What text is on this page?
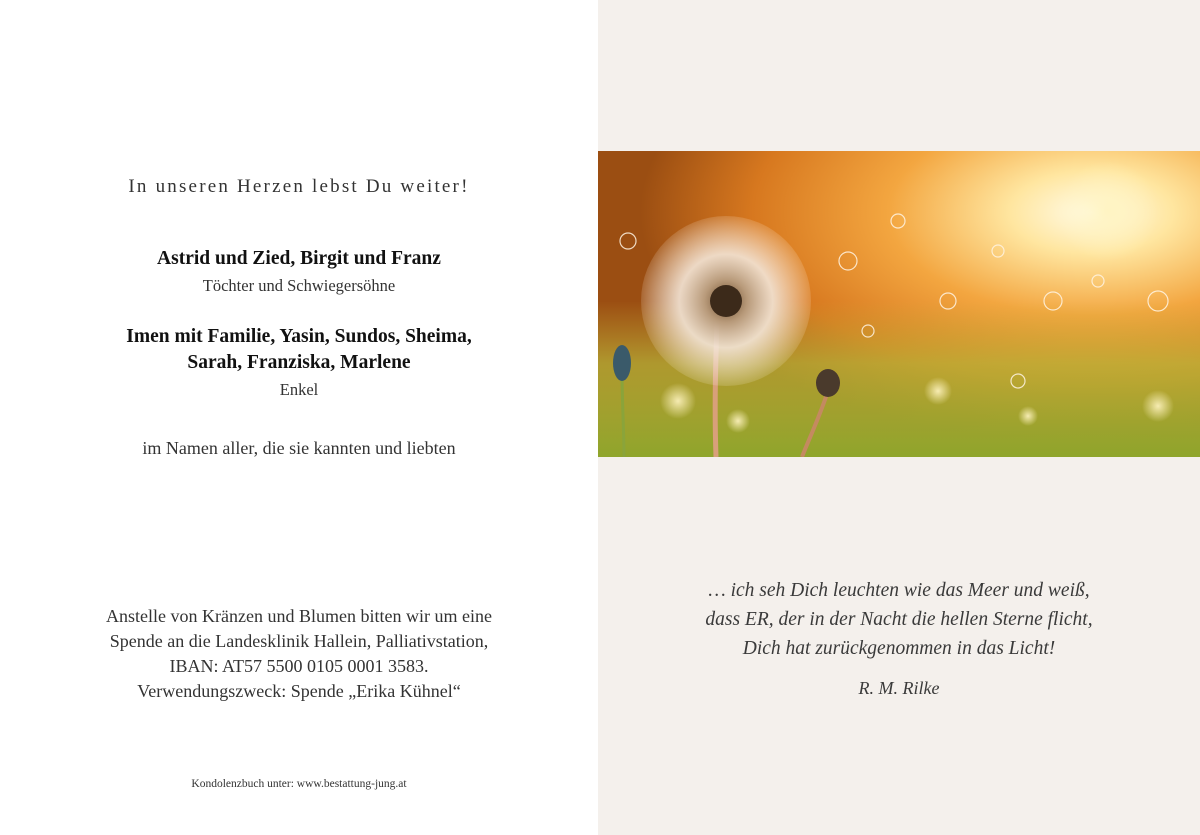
In unseren Herzen lebst Du weiter!
Astrid und Zied, Birgit und Franz
Töchter und Schwiegersöhne
Imen mit Familie, Yasin, Sundos, Sheima,
Sarah, Franziska, Marlene
Enkel
im Namen aller, die sie kannten und liebten
Anstelle von Kränzen und Blumen bitten wir um eine
Spende an die Landesklinik Hallein, Palliativstation,
IBAN: AT57 5500 0105 0001 3583.
Verwendungszweck: Spende „Erika Kühnel“
Kondolenzbuch unter: www.bestattung-jung.at
… ich seh Dich leuchten wie das Meer und weiß,
dass ER, der in der Nacht die hellen Sterne flicht,
Dich hat zurückgenommen in das Licht!
R. M. Rilke
